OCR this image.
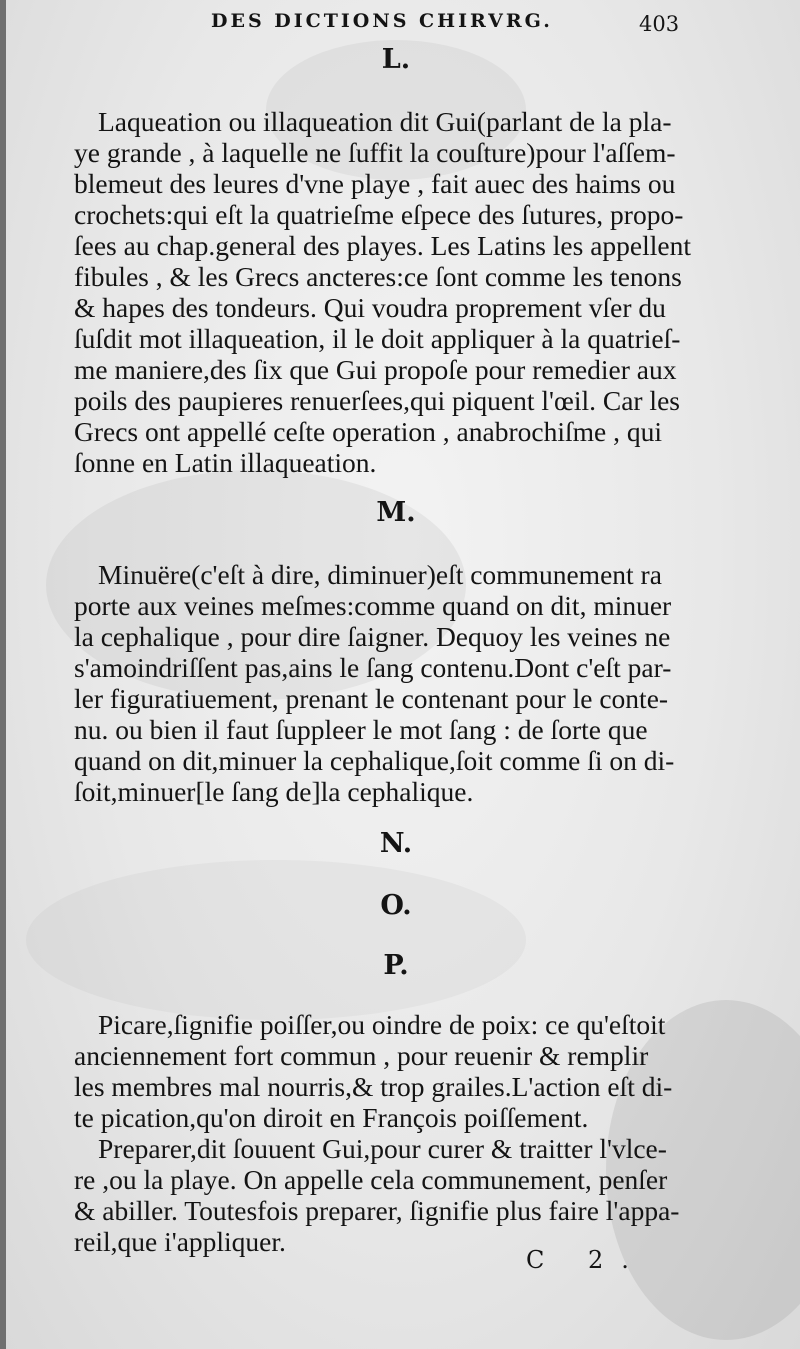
DES DICTIONS CHIRVRG.	403
L.
Laqueation ou illaqueation dit Gui(parlant de la pla-
ye grande , à laquelle ne ſuffit la couſture)pour l'aſſem-
blemeut des leures d'vne playe , fait auec des haims ou
crochets:qui eſt la quatrieſme eſpece des ſutures, propo-
ſees au chap.general des playes. Les Latins les appellent
fibules , & les Grecs ancteres:ce ſont comme les tenons
& hapes des tondeurs. Qui voudra proprement vſer du
ſuſdit mot illaqueation, il le doit appliquer à la quatrieſ-
me maniere,des ſix que Gui propoſe pour remedier aux
poils des paupieres renuerſees,qui piquent l'œil. Car les
Grecs ont appellé ceſte operation , anabrochiſme , qui
ſonne en Latin illaqueation.
M.
Minuëre(c'eſt à dire, diminuer)eſt communement ra
porte aux veines meſmes:comme quand on dit, minuer
la cephalique , pour dire ſaigner. Dequoy les veines ne
s'amoindriſſent pas,ains le ſang contenu.Dont c'eſt par-
ler figuratiuement, prenant le contenant pour le conte-
nu. ou bien il faut ſuppleer le mot ſang : de ſorte que
quand on dit,minuer la cephalique,ſoit comme ſi on di-
ſoit,minuer[le ſang de]la cephalique.
N.
O.
P.
Picare,ſignifie poiſſer,ou oindre de poix: ce qu'eſtoit
anciennement fort commun , pour reuenir & remplir
les membres mal nourris,& trop grailes.L'action eſt di-
te pication,qu'on diroit en François poiſſement.
Preparer,dit ſouuent Gui,pour curer & traitter l'vlce-
re ,ou la playe. On appelle cela communement, penſer
& abiller. Toutesfois preparer, ſignifie plus faire l'appa-
reil,que i'appliquer.
C 2.
